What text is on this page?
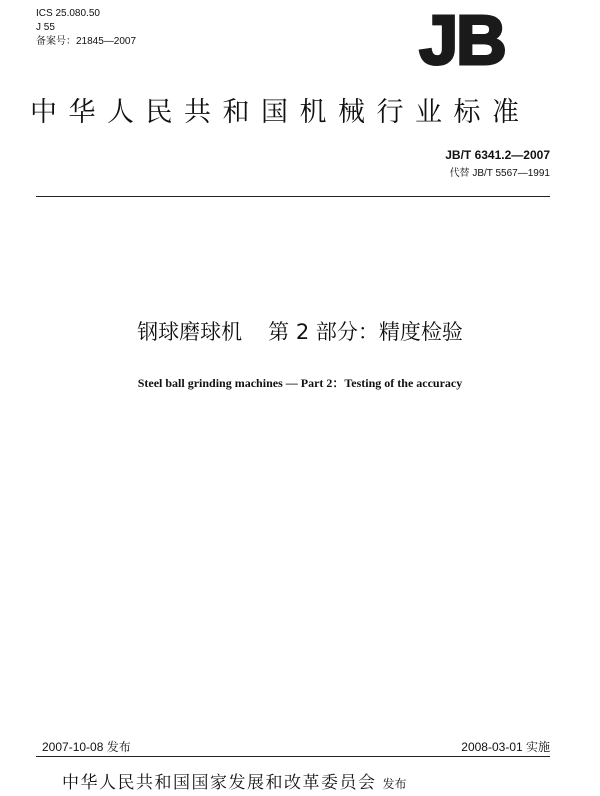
ICS 25.080.50
J 55
备案号：21845—2007	JB
中华人民共和国机械行业标准
JB/T 6341.2—2007
代替 JB/T 5567—1991
钢球磨球机 第 2 部分：精度检验
Steel ball grinding machines — Part 2：Testing of the accuracy
2007-10-08 发布	2008-03-01 实施
中华人民共和国国家发展和改革委员会 发布
